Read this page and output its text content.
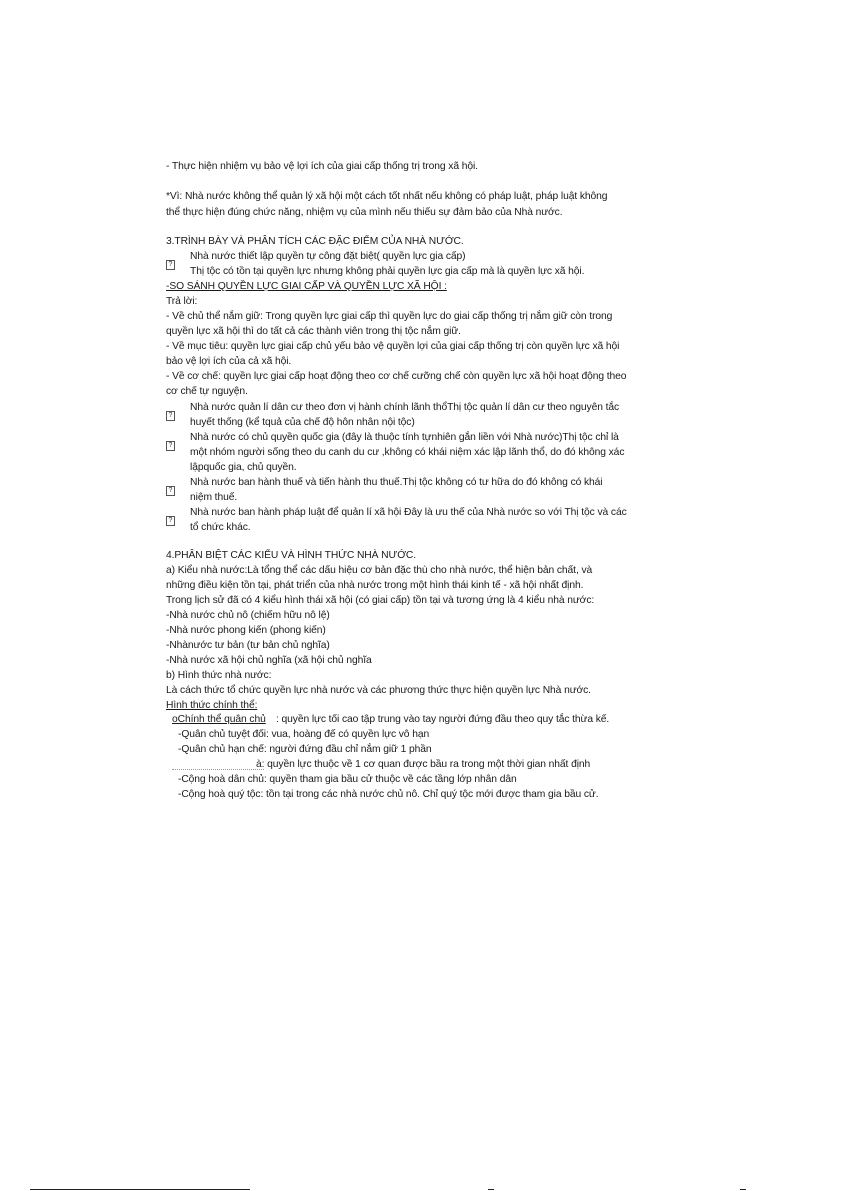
- Thực hiện nhiệm vụ bảo vệ lợi ích của giai cấp thống trị trong xã hội.
*Vì: Nhà nước không thể quản lý xã hội một cách tốt nhất nếu không có pháp luật, pháp luật không
thể thực hiện đúng chức năng, nhiệm vụ của mình nếu thiếu sự đảm bảo của Nhà nước.
3.TRÌNH BÀY VÀ PHÂN TÍCH CÁC ĐẶC ĐIỂM CỦA NHÀ NƯỚC.
?
Nhà nước thiết lập quyền tự công đặt biệt( quyền lực gia cấp)
Thị tộc có tồn tại quyền lực nhưng không phải quyền lực gia cấp mà là quyền lực xã hội.
-SO SÁNH QUYỀN LỰC GIAI CẤP VÀ QUYỀN LỰC XÃ HỘI :
Trả lời:
- Về chủ thể nắm giữ: Trong quyền lực giai cấp thì quyền lực do giai cấp thống trị nắm giữ còn trong
quyền lực xã hội thì do tất cả các thành viên trong thị tộc nắm giữ.
- Về mục tiêu: quyền lực giai cấp chủ yếu bảo vệ quyền lợi của giai cấp thống trị còn quyền lực xã hội
bảo vệ lợi ích của cả xã hội.
- Về cơ chế: quyền lực giai cấp hoạt động theo cơ chế cưỡng chế còn quyền lực xã hội hoạt động theo
cơ chế tự nguyện.
?
Nhà nước quản lí dân cư theo đơn vị hành chính lãnh thổThị tộc quản lí dân cư theo nguyên tắc
huyết thống (kể tquả của chế độ hôn nhân nội tộc)
?
Nhà nước có chủ quyền quốc gia (đây là thuộc tính tựnhiên gắn liền với Nhà nước)Thị tộc chỉ là
một nhóm người sống theo du canh du cư ,không có khái niệm xác lập lãnh thổ, do đó không xác
lậpquốc gia, chủ quyền.
?
Nhà nước ban hành thuế và tiến hành thu thuế.Thị tộc không có tư hữa do đó không có khái
niệm thuế.
?
Nhà nước ban hành pháp luật để quản lí xã hội Đây là ưu thế của Nhà nước so với Thị tộc và các
tổ chức khác.
4.PHÂN BIỆT CÁC KIỂU VÀ HÌNH THỨC NHÀ NƯỚC.
a) Kiểu nhà nước:Là tổng thể các dấu hiệu cơ bản đặc thù cho nhà nước, thể hiện bản chất, và
những điều kiện tồn tại, phát triển của nhà nước trong một hình thái kinh tế - xã hội nhất định.
Trong lịch sử đã có 4 kiểu hình thái xã hội (có giai cấp) tồn tại và tương ứng là 4 kiểu nhà nước:
-Nhà nước chủ nô (chiếm hữu nô lệ)
-Nhà nước phong kiến (phong kiến)
-Nhànước tư bản (tư bản chủ nghĩa)
-Nhà nước xã hội chủ nghĩa (xã hội chủ nghĩa
b) Hình thức nhà nước:
Là cách thức tổ chức quyền lực nhà nước và các phương thức thực hiện quyền lực Nhà nước.
Hình thức chính thể:
oChính thể quân chủ : quyền lực tối cao tập trung vào tay người đứng đầu theo quy tắc thừa kế.
-Quân chủ tuyệt đối: vua, hoàng đế có quyền lực vô hạn
-Quân chủ hạn chế: người đứng đầu chỉ nắm giữ 1 phần
à: quyền lực thuộc về 1 cơ quan được bầu ra trong một thời gian nhất định
-Cộng hoà dân chủ: quyền tham gia bầu cử thuộc về các tầng lớp nhân dân
-Cộng hoà quý tộc: tồn tại trong các nhà nước chủ nô. Chỉ quý tộc mới được tham gia bầu cử.
